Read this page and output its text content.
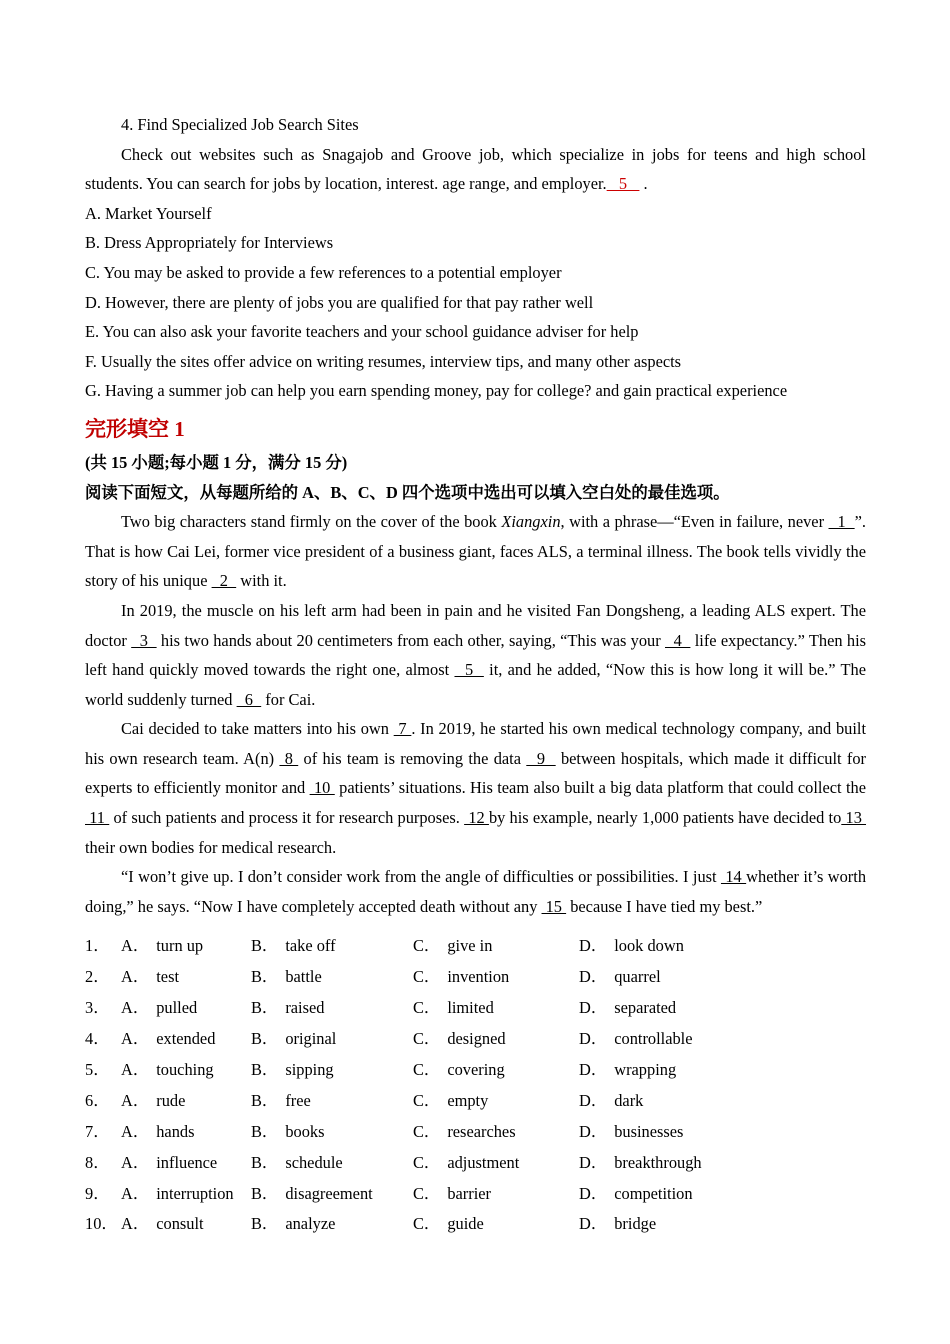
4. Find Specialized Job Search Sites

Check out websites such as Snagajob and Groove job, which specialize in jobs for teens and high school students. You can search for jobs by location, interest. age range, and employer.   5    .

A. Market Yourself

B. Dress Appropriately for Interviews

C. You may be asked to provide a few references to a potential employer

D. However, there are plenty of jobs you are qualified for that pay rather well

E. You can also ask your favorite teachers and your school guidance adviser for help

F. Usually the sites offer advice on writing resumes, interview tips, and many other aspects

G. Having a summer job can help you earn spending money, pay for college? and gain practical experience

完形填空 1

(共 15 小题;每小题 1 分，满分 15 分)

阅读下面短文，从每题所给的 A、B、C、D 四个选项中选出可以填入空白处的最佳选项。

Two big characters stand firmly on the cover of the book Xiangxin, with a phrase—“Even in failure, never   1  ”. That is how Cai Lei, former vice president of a business giant, faces ALS, a terminal illness. The book tells vividly the story of his unique   2   with it.

In 2019, the muscle on his left arm had been in pain and he visited Fan Dongsheng, a leading ALS expert. The doctor   3   his two hands about 20 centimeters from each other, saying, “This was your   4   life expectancy.” Then his left hand quickly moved towards the right one, almost   5   it, and he added, “Now this is how long it will be.” The world suddenly turned   6   for Cai.

Cai decided to take matters into his own  7 . In 2019, he started his own medical technology company, and built his own research team. A(n)  8  of his team is removing the data   9   between hospitals, which made it difficult for experts to efficiently monitor and  10  patients’ situations. His team also built a big data platform that could collect the  11  of such patients and process it for research purposes.  12 by his example, nearly 1,000 patients have decided to 13  their own bodies for medical research.

“I won’t give up. I don’t consider work from the angle of difficulties or possibilities. I just  14 whether it’s worth doing,” he says. “Now I have completely accepted death without any  15  because I have tied my best.”

1． A． turn up	B． take off	C． give in	D． look down
2． A． test	B． battle	C． invention	D． quarrel
3． A． pulled	B． raised	C． limited	D． separated
4． A． extended B． original	C． designed	D． controllable
5． A． touching B． sipping	C． covering	D． wrapping
6． A． rude	B． free	C． empty	D． dark
7． A． hands	B． books	C． researches	D． businesses
8． A． influence B． schedule	C． adjustment	D． breakthrough
9． A． interruption B． disagreement C． barrier	D． competition
10． A． consult	B． analyze	C． guide	D． bridge
